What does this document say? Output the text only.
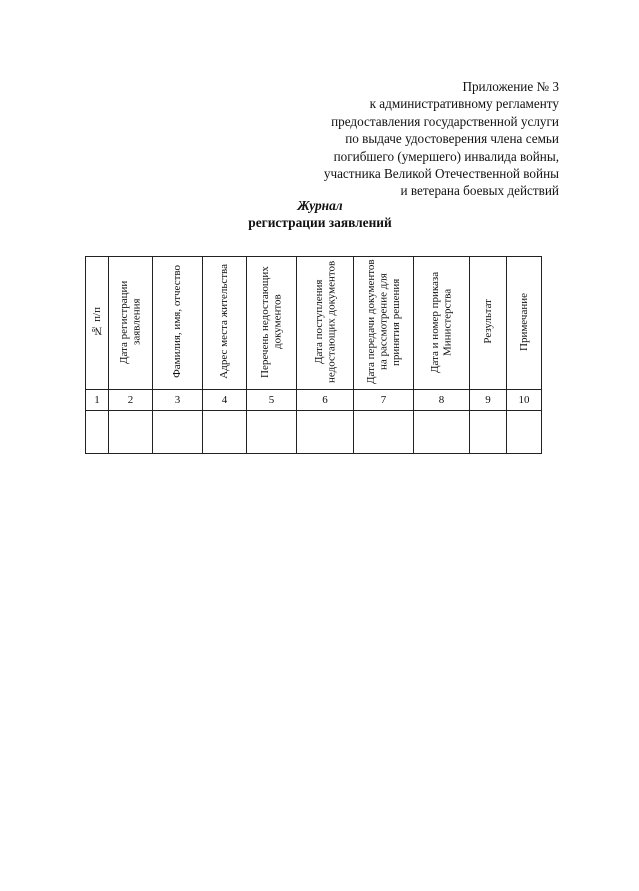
Приложение № 3
к административному регламенту
предоставления государственной услуги
по выдаче удостоверения члена семьи
погибшего (умершего) инвалида войны,
участника Великой Отечественной войны
и ветерана боевых действий
Журнал
регистрации заявлений
№ п/п	Дата регистрации заявления	Фамилия, имя, отчество	Адрес места жительства	Перечень недостающих документов	Дата поступления недостающих документов	Дата передачи документов на рассмотрение для принятия решения	Дата и номер приказа Министерства	Результат	Примечание
1	2	3	4	5	6	7	8	9	10
